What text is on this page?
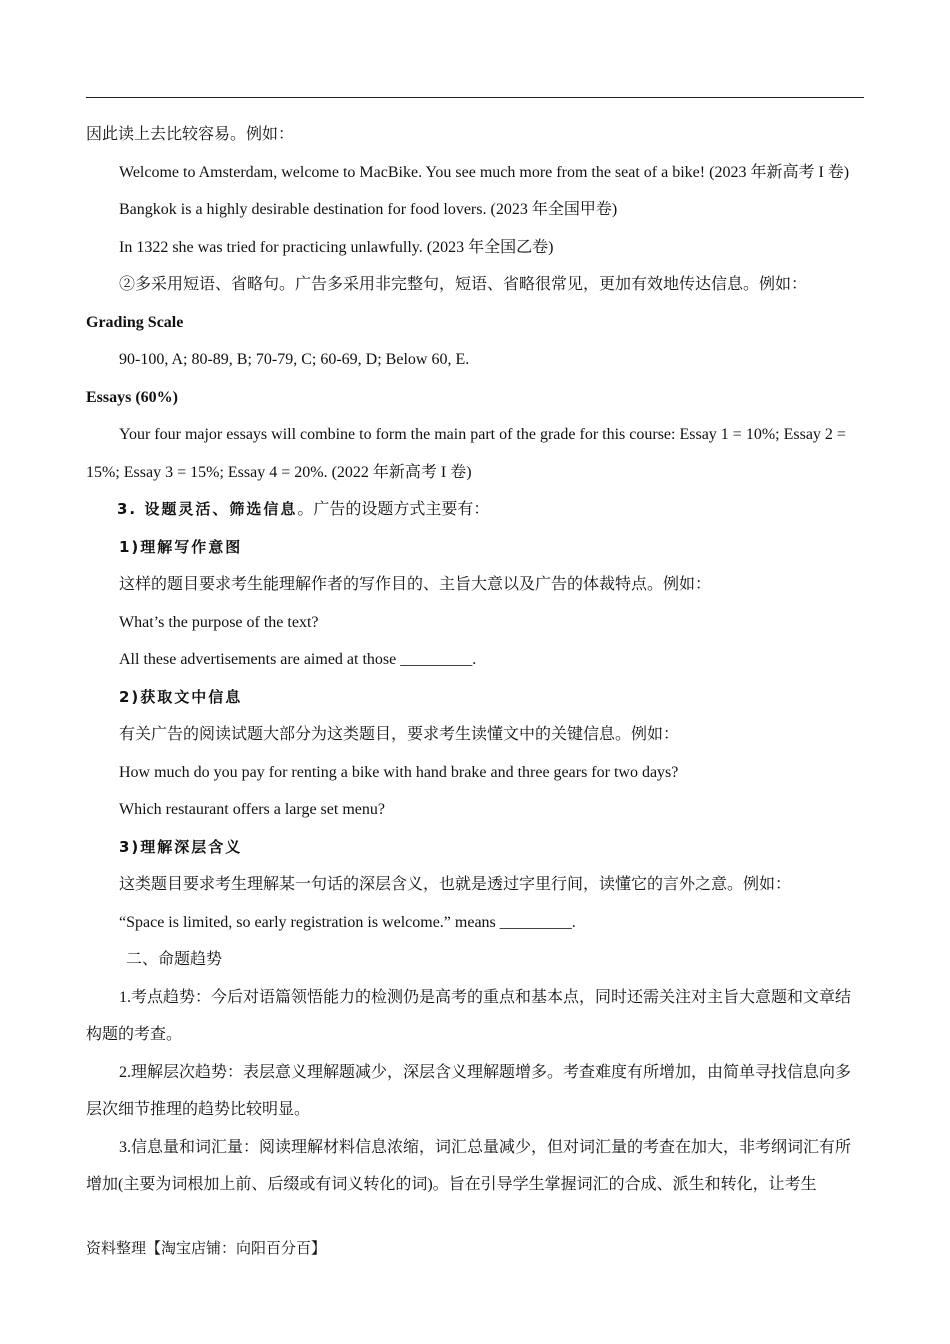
因此读上去比较容易。例如：

Welcome to Amsterdam, welcome to MacBike. You see much more from the seat of a bike! (2023 年新高考 I 卷)

Bangkok is a highly desirable destination for food lovers. (2023 年全国甲卷)

In 1322 she was tried for practicing unlawfully. (2023 年全国乙卷)

②多采用短语、省略句。广告多采用非完整句，短语、省略很常见，更加有效地传达信息。例如：

Grading Scale

90-100, A; 80-89, B; 70-79, C; 60-69, D; Below 60, E.

Essays (60%)

Your four major essays will combine to form the main part of the grade for this course: Essay 1 = 10%; Essay 2 = 15%; Essay 3 = 15%; Essay 4 = 20%. (2022 年新高考 I 卷)

3. 设题灵活、筛选信息。广告的设题方式主要有：

1)理解写作意图

这样的题目要求考生能理解作者的写作目的、主旨大意以及广告的体裁特点。例如：

What’s the purpose of the text?

All these advertisements are aimed at those _________.

2)获取文中信息

有关广告的阅读试题大部分为这类题目，要求考生读懂文中的关键信息。例如：

How much do you pay for renting a bike with hand brake and three gears for two days?

Which restaurant offers a large set menu?

3)理解深层含义

这类题目要求考生理解某一句话的深层含义，也就是透过字里行间，读懂它的言外之意。例如：

“Space is limited, so early registration is welcome.” means _________.

二、命题趋势

1.考点趋势：今后对语篇领悟能力的检测仍是高考的重点和基本点，同时还需关注对主旨大意题和文章结构题的考查。

2.理解层次趋势：表层意义理解题减少，深层含义理解题增多。考查难度有所增加，由简单寻找信息向多层次细节推理的趋势比较明显。

3.信息量和词汇量：阅读理解材料信息浓缩，词汇总量减少，但对词汇量的考查在加大，非考纲词汇有所增加(主要为词根加上前、后缀或有词义转化的词)。旨在引导学生掌握词汇的合成、派生和转化，让考生

资料整理【淘宝店铺：向阳百分百】
